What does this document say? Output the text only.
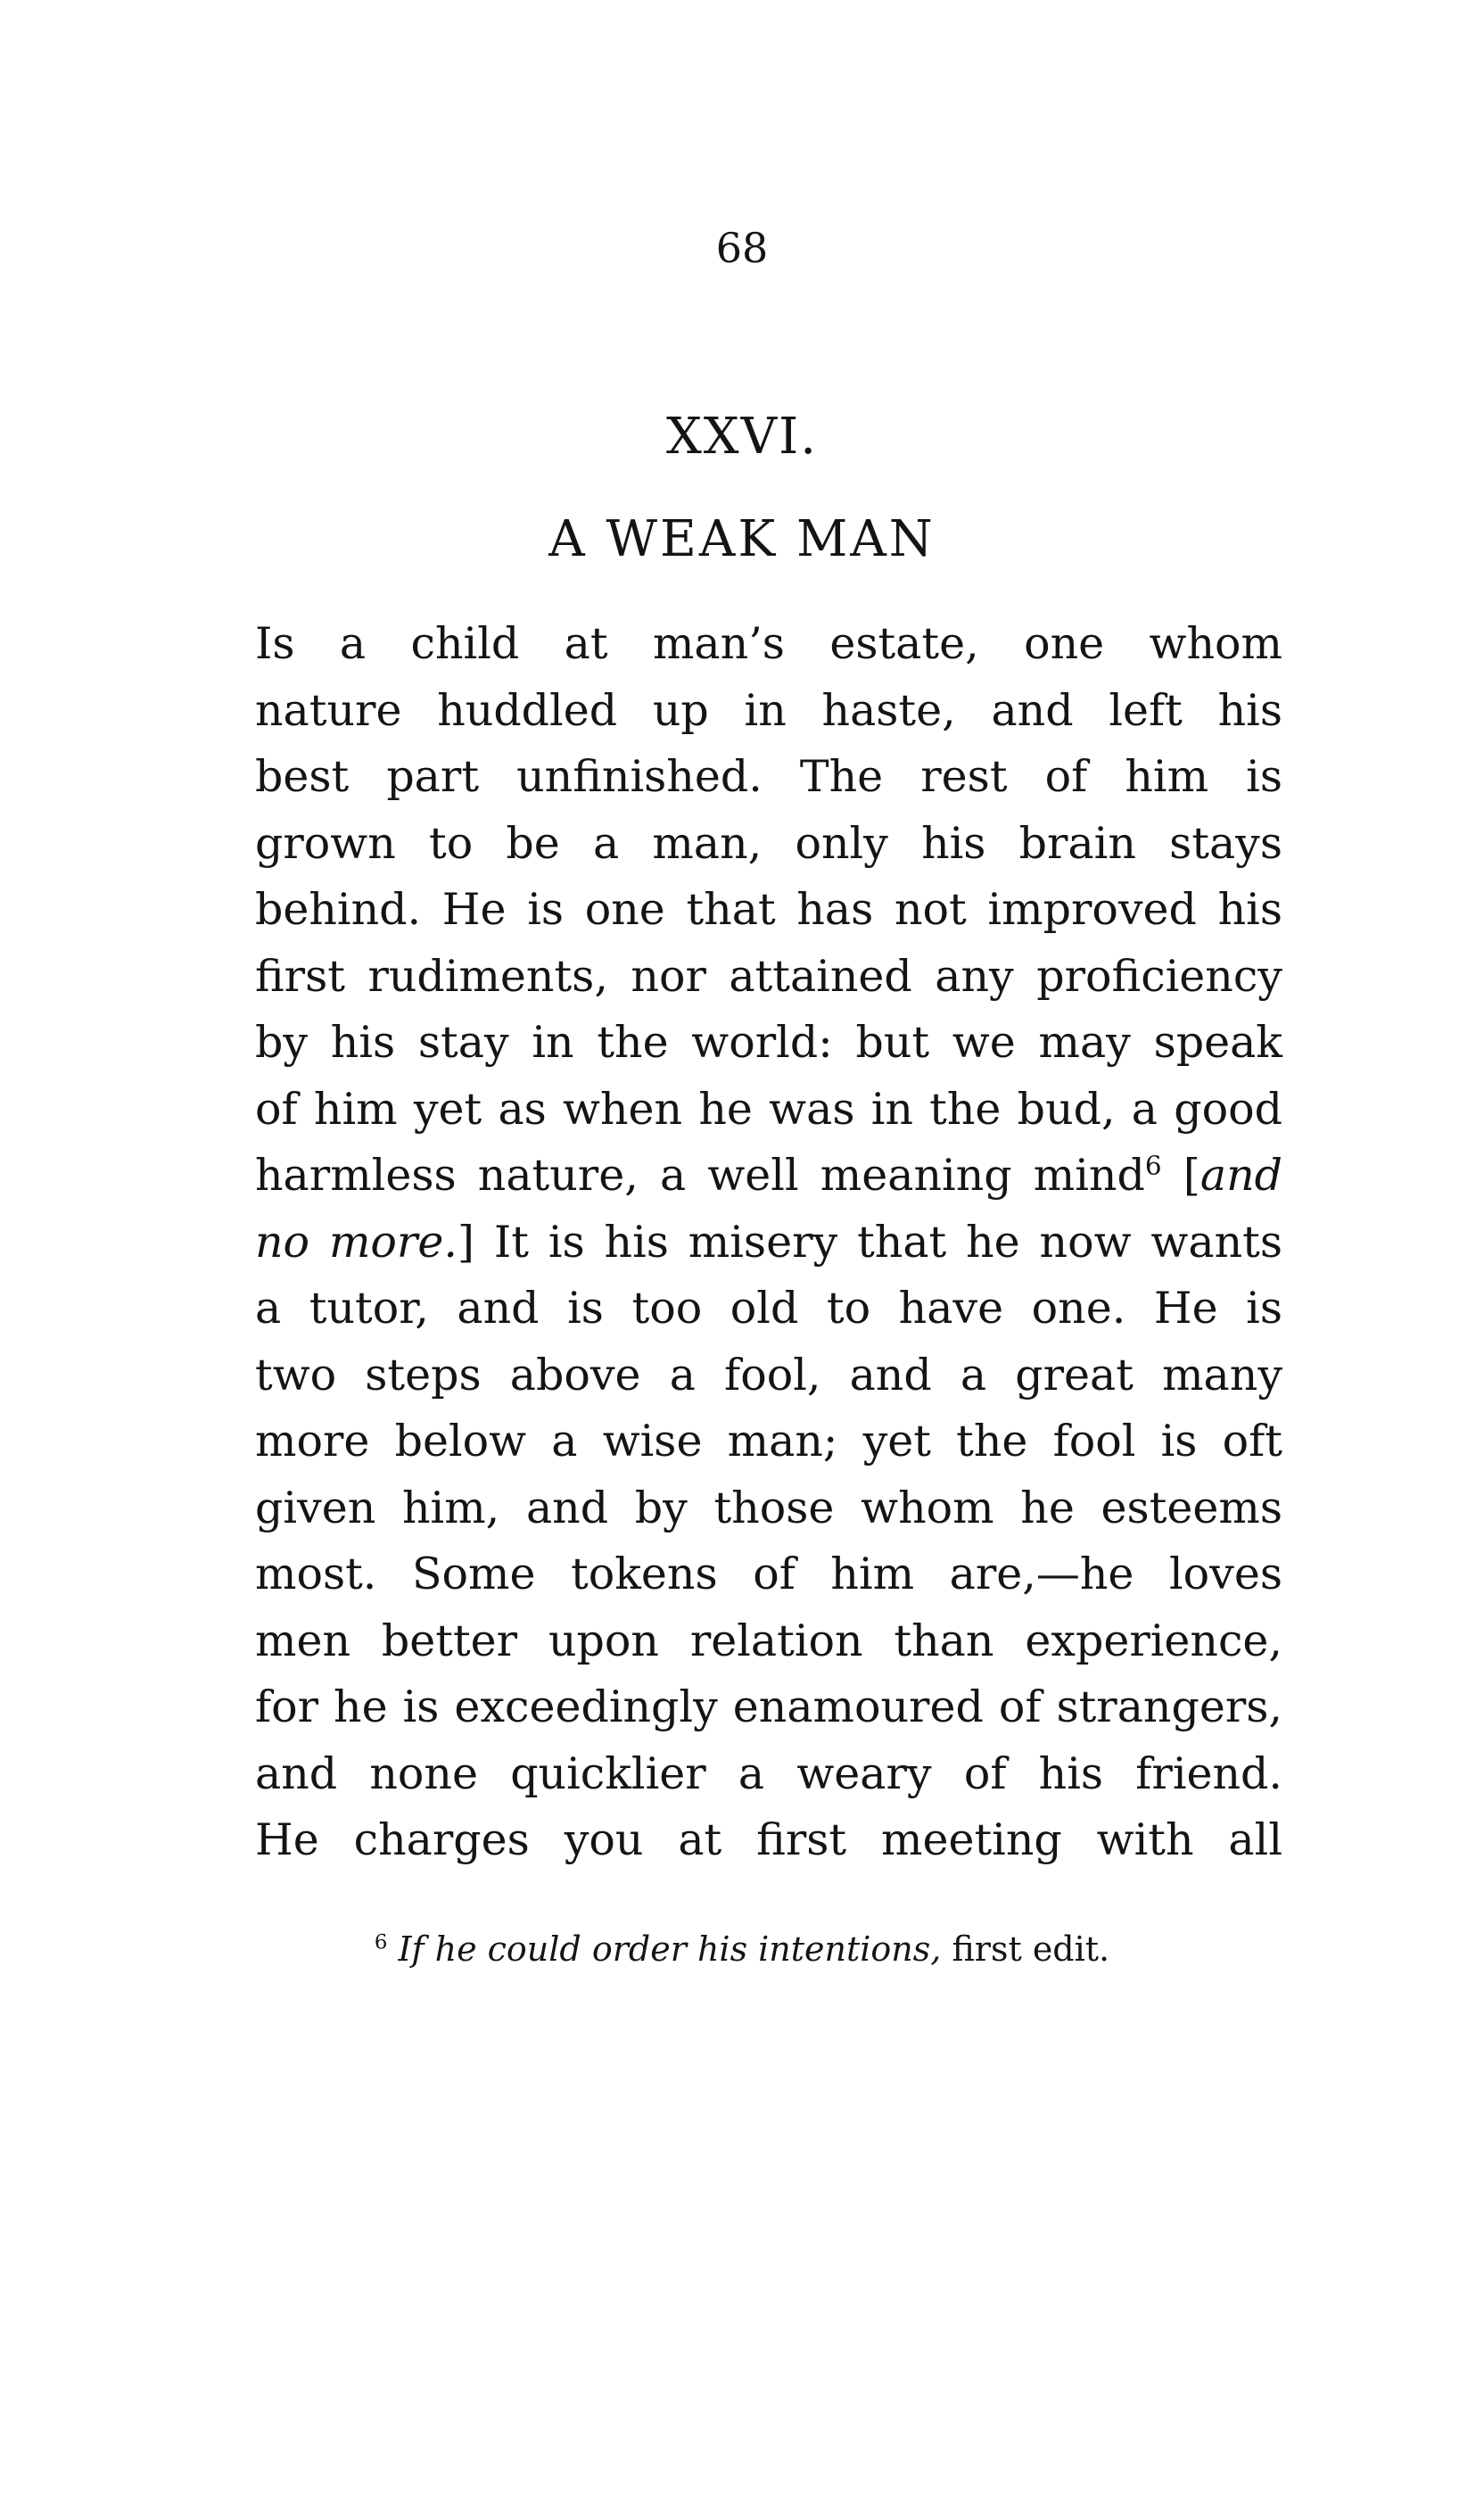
68
XXVI.
A WEAK MAN
Is a child at man’s estate, one whom
nature huddled up in haste, and left his
best part unfinished. The rest of him is
grown to be a man, only his brain stays
behind. He is one that has not improved his
first rudiments, nor attained any proficiency
by his stay in the world: but we may speak
of him yet as when he was in the bud, a good
harmless nature, a well meaning mind$^6$ [and
no more.] It is his misery that he now wants
a tutor, and is too old to have one. He is
two steps above a fool, and a great many
more below a wise man; yet the fool is oft
given him, and by those whom he esteems
most. Some tokens of him are,—he loves
men better upon relation than experience,
for he is exceedingly enamoured of strangers,
and none quicklier a weary of his friend.
He charges you at first meeting with all
$^6$ If he could order his intentions, first edit.
